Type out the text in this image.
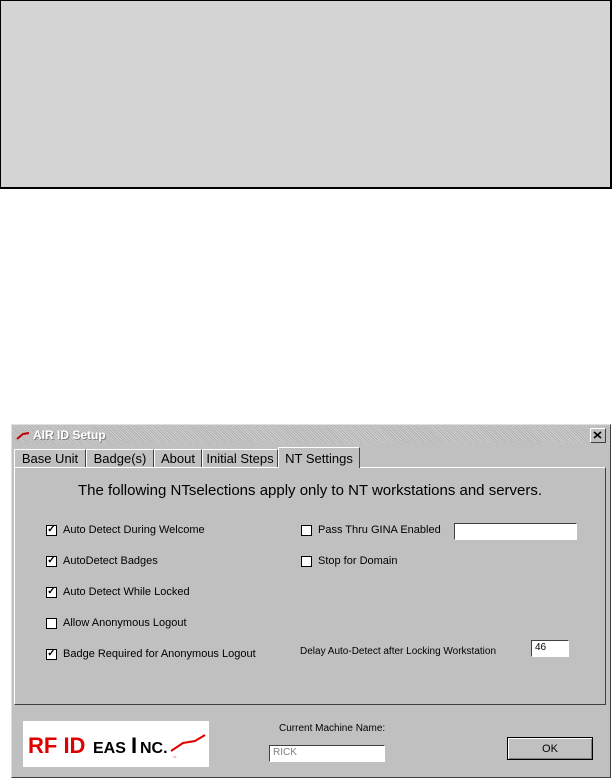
AIR ID Setup
Base Unit	Badge(s)	About Initial Steps NT Settings
The following NTselections apply only to NT workstations and servers.
✓ Auto Detect During Welcome
✓ AutoDetect Badges
✓ Auto Detect While Locked
Allow Anonymous Logout
✓ Badge Required for Anonymous Logout
Pass Thru GINA Enabled
Stop for Domain
Delay Auto-Detect after Locking Workstation	46
RF ID EAS I NC.
~
Current Machine Name:
RICK	OK
